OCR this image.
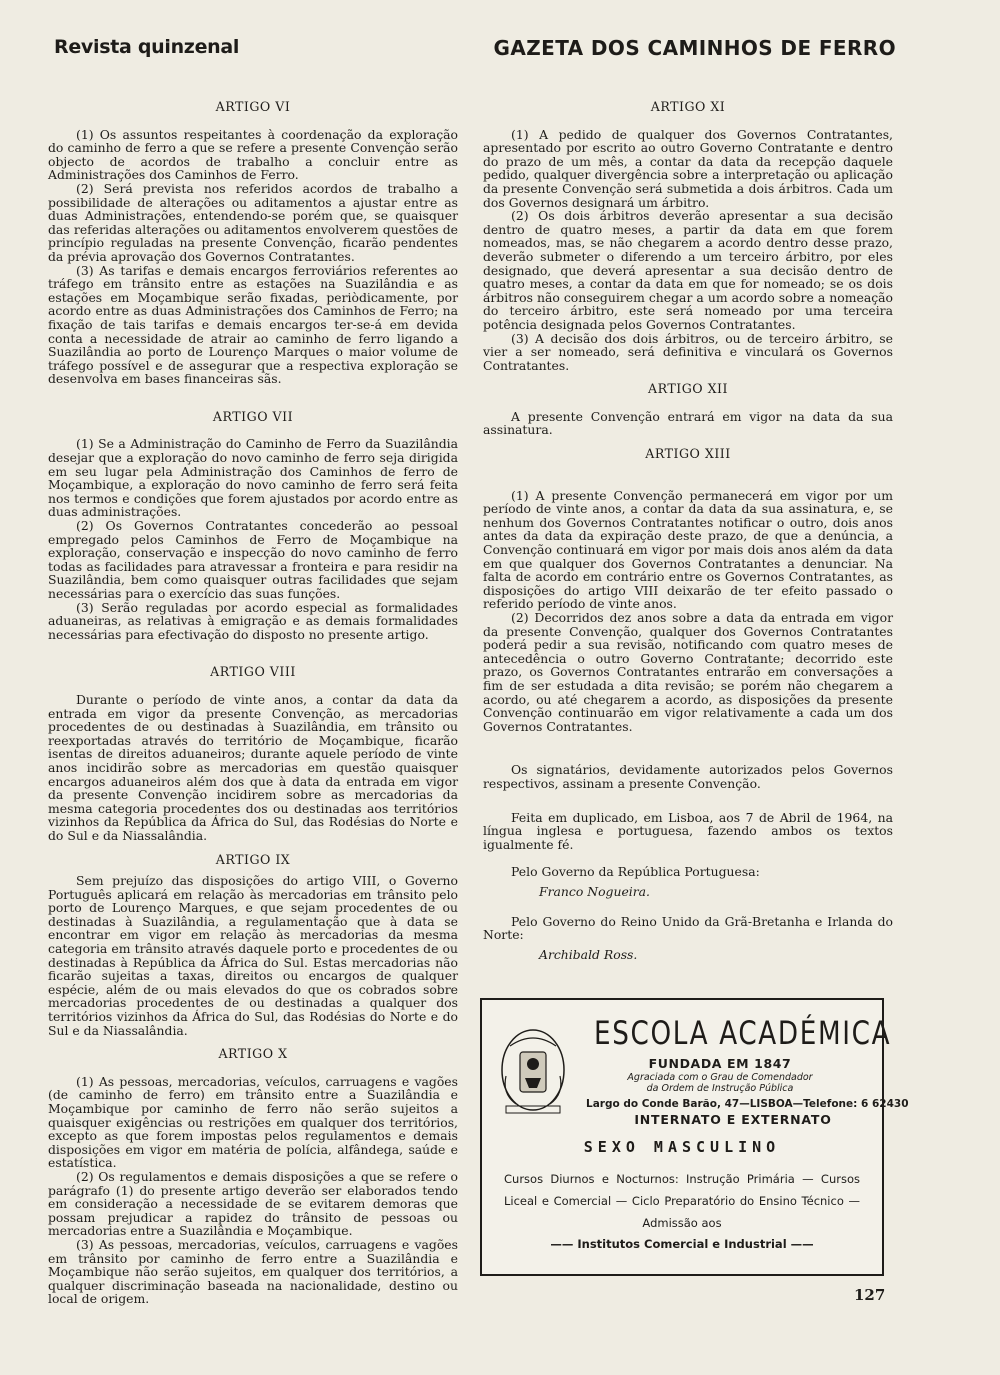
Revista quinzenal	GAZETA DOS CAMINHOS DE FERRO
ARTIGO VI

(1) Os assuntos respeitantes à coordenação da exploração do caminho de ferro a que se refere a presente Convenção serão objecto de acordos de trabalho a concluir entre as Administrações dos Caminhos de Ferro.

(2) Será prevista nos referidos acordos de trabalho a possibilidade de alterações ou aditamentos a ajustar entre as duas Administrações, entendendo-se porém que, se quaisquer das referidas alterações ou aditamentos envolverem questões de princípio reguladas na presente Convenção, ficarão pendentes da prévia aprovação dos Governos Contratantes.

(3) As tarifas e demais encargos ferroviários referentes ao tráfego em trânsito entre as estações na Suazilândia e as estações em Moçambique serão fixadas, periòdicamente, por acordo entre as duas Administrações dos Caminhos de Ferro; na fixação de tais tarifas e demais encargos ter-se-á em devida conta a necessidade de atrair ao caminho de ferro ligando a Suazilândia ao porto de Lourenço Marques o maior volume de tráfego possível e de assegurar que a respectiva exploração se desenvolva em bases financeiras sãs.

ARTIGO VII

(1) Se a Administração do Caminho de Ferro da Suazilândia desejar que a exploração do novo caminho de ferro seja dirigida em seu lugar pela Administração dos Caminhos de ferro de Moçambique, a exploração do novo caminho de ferro será feita nos termos e condições que forem ajustados por acordo entre as duas administrações.

(2) Os Governos Contratantes concederão ao pessoal empregado pelos Caminhos de Ferro de Moçambique na exploração, conservação e inspecção do novo caminho de ferro todas as facilidades para atravessar a fronteira e para residir na Suazilândia, bem como quaisquer outras facilidades que sejam necessárias para o exercício das suas funções.

(3) Serão reguladas por acordo especial as formalidades aduaneiras, as relativas à emigração e as demais formalidades necessárias para efectivação do disposto no presente artigo.

ARTIGO VIII

Durante o período de vinte anos, a contar da data da entrada em vigor da presente Convenção, as mercadorias procedentes de ou destinadas à Suazilândia, em trânsito ou reexportadas através do território de Moçambique, ficarão isentas de direitos aduaneiros; durante aquele período de vinte anos incidirão sobre as mercadorias em questão quaisquer encargos aduaneiros além dos que à data da entrada em vigor da presente Convenção incidirem sobre as mercadorias da mesma categoria procedentes dos ou destinadas aos territórios vizinhos da República da África do Sul, das Rodésias do Norte e do Sul e da Niassalândia.

ARTIGO IX

Sem prejuízo das disposições do artigo VIII, o Governo Português aplicará em relação às mercadorias em trânsito pelo porto de Lourenço Marques, e que sejam procedentes de ou destinadas à Suazilândia, a regulamentação que à data se encontrar em vigor em relação às mercadorias da mesma categoria em trânsito através daquele porto e procedentes de ou destinadas à República da África do Sul. Estas mercadorias não ficarão sujeitas a taxas, direitos ou encargos de qualquer espécie, além de ou mais elevados do que os cobrados sobre mercadorias procedentes de ou destinadas a qualquer dos territórios vizinhos da África do Sul, das Rodésias do Norte e do Sul e da Niassalândia.

ARTIGO X

(1) As pessoas, mercadorias, veículos, carruagens e vagões (de caminho de ferro) em trânsito entre a Suazilândia e Moçambique por caminho de ferro não serão sujeitos a quaisquer exigências ou restrições em qualquer dos territórios, excepto as que forem impostas pelos regulamentos e demais disposições em vigor em matéria de polícia, alfândega, saúde e estatística.

(2) Os regulamentos e demais disposições a que se refere o parágrafo (1) do presente artigo deverão ser elaborados tendo em consideração a necessidade de se evitarem demoras que possam prejudicar a rapidez do trânsito de pessoas ou mercadorias entre a Suazilândia e Moçambique.

(3) As pessoas, mercadorias, veículos, carruagens e vagões em trânsito por caminho de ferro entre a Suazilândia e Moçambique não serão sujeitos, em qualquer dos territórios, a qualquer discriminação baseada na nacionalidade, destino ou local de origem.

ARTIGO XI

(1) A pedido de qualquer dos Governos Contratantes, apresentado por escrito ao outro Governo Contratante e dentro do prazo de um mês, a contar da data da recepção daquele pedido, qualquer divergência sobre a interpretação ou aplicação da presente Convenção será submetida a dois árbitros. Cada um dos Governos designará um árbitro.

(2) Os dois árbitros deverão apresentar a sua decisão dentro de quatro meses, a partir da data em que forem nomeados, mas, se não chegarem a acordo dentro desse prazo, deverão submeter o diferendo a um terceiro árbitro, por eles designado, que deverá apresentar a sua decisão dentro de quatro meses, a contar da data em que for nomeado; se os dois árbitros não conseguirem chegar a um acordo sobre a nomeação do terceiro árbitro, este será nomeado por uma terceira potência designada pelos Governos Contratantes.

(3) A decisão dos dois árbitros, ou de terceiro árbitro, se vier a ser nomeado, será definitiva e vinculará os Governos Contratantes.

ARTIGO XII

A presente Convenção entrará em vigor na data da sua assinatura.

ARTIGO XIII

(1) A presente Convenção permanecerá em vigor por um período de vinte anos, a contar da data da sua assinatura, e, se nenhum dos Governos Contratantes notificar o outro, dois anos antes da data da expiração deste prazo, de que a denúncia, a Convenção continuará em vigor por mais dois anos além da data em que qualquer dos Governos Contratantes a denunciar. Na falta de acordo em contrário entre os Governos Contratantes, as disposições do artigo VIII deixarão de ter efeito passado o referido período de vinte anos.

(2) Decorridos dez anos sobre a data da entrada em vigor da presente Convenção, qualquer dos Governos Contratantes poderá pedir a sua revisão, notificando com quatro meses de antecedência o outro Governo Contratante; decorrido este prazo, os Governos Contratantes entrarão em conversações a fim de ser estudada a dita revisão; se porém não chegarem a acordo, ou até chegarem a acordo, as disposições da presente Convenção continuarão em vigor relativamente a cada um dos Governos Contratantes.

Os signatários, devidamente autorizados pelos Governos respectivos, assinam a presente Convenção.

Feita em duplicado, em Lisboa, aos 7 de Abril de 1964, na língua inglesa e portuguesa, fazendo ambos os textos igualmente fé.

Pelo Governo da República Portuguesa:

Franco Nogueira.

Pelo Governo do Reino Unido da Grã-Bretanha e Irlanda do Norte:

Archibald Ross.
ESCOLA ACADÉMICA
FUNDADA EM 1847
Agraciada com o Grau de Comendador
da Ordem de Instrução Pública
Largo do Conde Barão, 47—LISBOA—Telefone: 6 62430
INTERNATO E EXTERNATO
SEXO MASCULINO
Cursos Diurnos e Nocturnos: Instrução Primária — Cursos Liceal e Comercial — Ciclo Preparatório do Ensino Técnico — Admissão aos
—— Institutos Comercial e Industrial ——
127
